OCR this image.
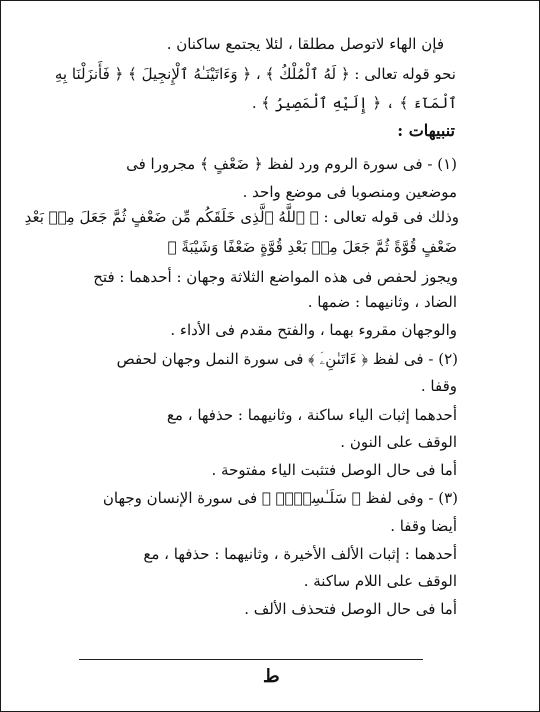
فإن الهاء لاتوصل مطلقا ، لئلا يجتمع ساكنان .
نحو قوله تعالى : ﴿ لَهُ ٱلْمُلْكُ ﴾ ، ﴿ وَءَاتَيْنَـٰهُ ٱلْإِنجِيلَ ﴾ ﴿ فَأَنزَلْنَا بِهِ
ٱلْمَآءَ ﴾ ، ﴿ إِلَيْهِ ٱلْمَصِيرُ ﴾ .
تنبيهات :
(١) - فى سورة الروم ورد لفظ ﴿ ضَعْفٍ ﴾ مجرورا فى
موضعين ومنصوبا فى موضع واحد .
وذلك فى قوله تعالى : ﴿ ٱللَّهُ ٱلَّذِى خَلَقَكُم مِّن ضَعْفٍ ثُمَّ جَعَلَ مِنۢ بَعْدِ
ضَعْفٍ قُوَّةً ثُمَّ جَعَلَ مِنۢ بَعْدِ قُوَّةٍ ضَعْفًا وَشَيْبَةً ﴾
ويجوز لحفص فى هذه المواضع الثلاثة وجهان : أحدهما : فتح
الضاد ، وثانيهما : ضمها .
والوجهان مقروء بهما ، والفتح مقدم فى الأداء .
(٢) - فى لفظ ﴿ ءَاتَىٰنِۦَ ﴾ فى سورة النمل وجهان لحفص
وقفا .
أحدهما إثبات الياء ساكنة ، وثانيهما : حذفها ، مع
الوقف على النون .
أما فى حال الوصل فتثبت الياء مفتوحة .
(٣) - وفى لفظ ﴿ سَلَـٰسِلَا۟ ﴾ فى سورة الإنسان وجهان
أيضا وقفا .
أحدهما : إثبات الألف الأخيرة ، وثانيهما : حذفها ، مع
الوقف على اللام ساكنة .
أما فى حال الوصل فتحذف الألف .
ط
